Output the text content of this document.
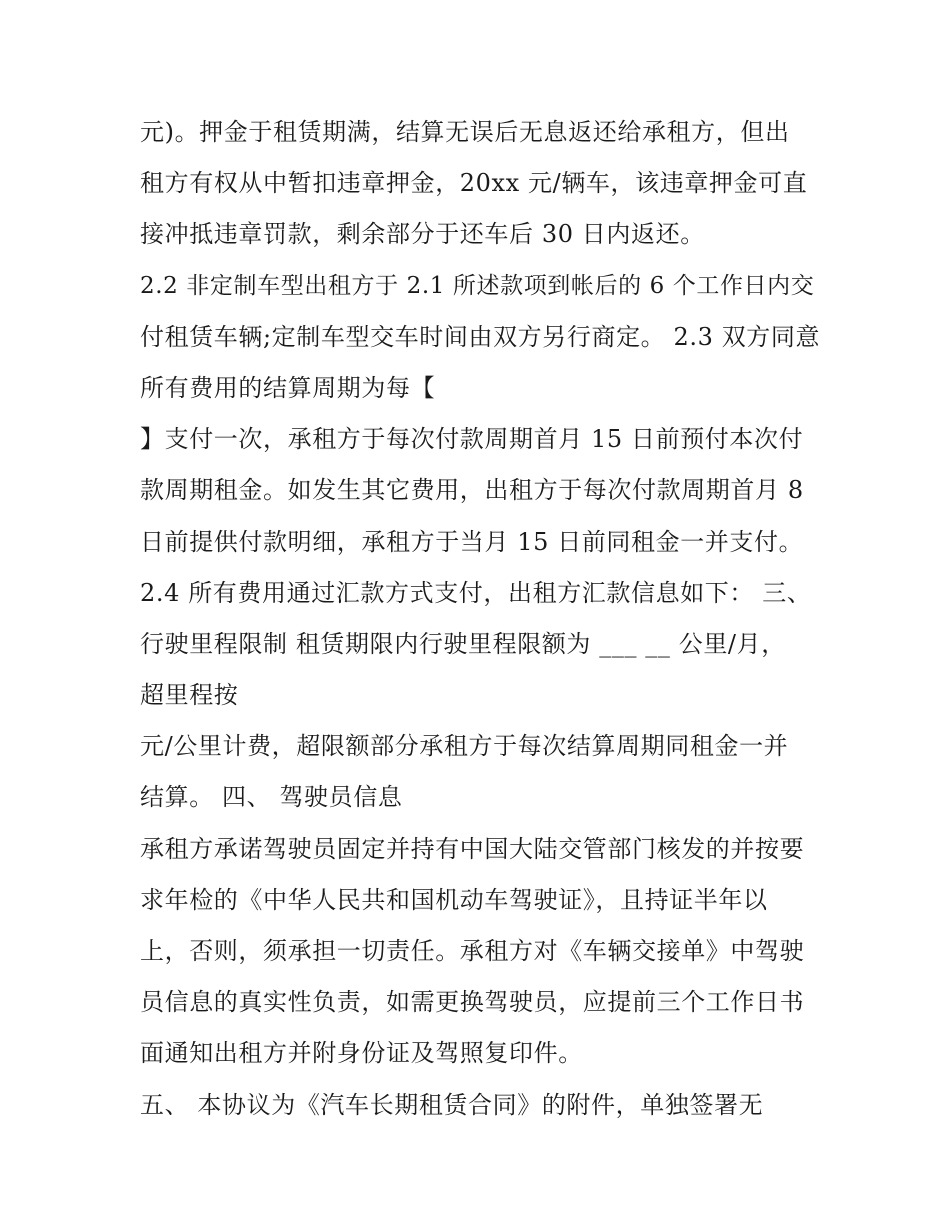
元)。押金于租赁期满，结算无误后无息返还给承租方，但出
租方有权从中暂扣违章押金，20xx 元/辆车，该违章押金可直
接冲抵违章罚款，剩余部分于还车后 30 日内返还。
2.2 非定制车型出租方于 2.1 所述款项到帐后的 6 个工作日内交
付租赁车辆;定制车型交车时间由双方另行商定。 2.3 双方同意
所有费用的结算周期为每【
】支付一次，承租方于每次付款周期首月 15 日前预付本次付
款周期租金。如发生其它费用，出租方于每次付款周期首月 8
日前提供付款明细，承租方于当月 15 日前同租金一并支付。
2.4 所有费用通过汇款方式支付，出租方汇款信息如下： 三、
行驶里程限制 租赁期限内行驶里程限额为 ___ __ 公里/月，
超里程按
元/公里计费，超限额部分承租方于每次结算周期同租金一并
结算。 四、 驾驶员信息
承租方承诺驾驶员固定并持有中国大陆交管部门核发的并按要
求年检的《中华人民共和国机动车驾驶证》，且持证半年以
上，否则，须承担一切责任。承租方对《车辆交接单》中驾驶
员信息的真实性负责，如需更换驾驶员，应提前三个工作日书
面通知出租方并附身份证及驾照复印件。
五、 本协议为《汽车长期租赁合同》的附件，单独签署无
